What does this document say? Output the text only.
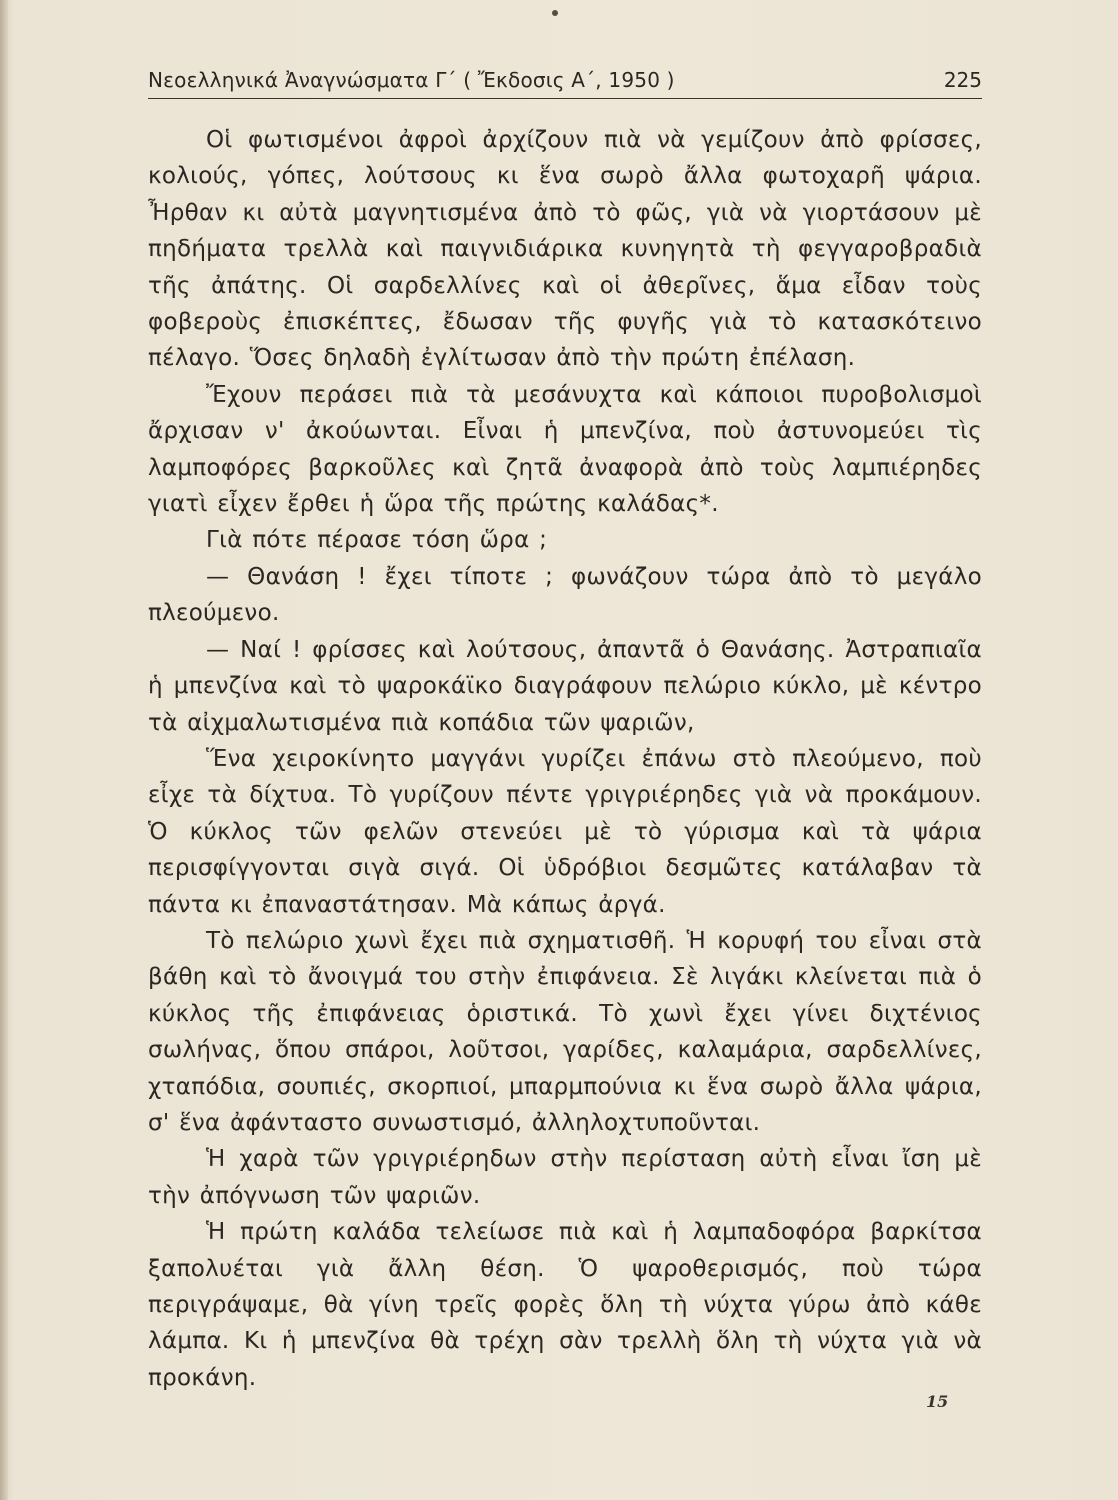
Νεοελληνικά Ἀναγνώσματα Γ΄ ( Ἔκδοσις Α΄, 1950 )	225

Οἱ φωτισμένοι ἀφροὶ ἀρχίζουν πιὰ νὰ γεμίζουν ἀπὸ φρίσσες, κολιούς, γόπες, λούτσους κι ἕνα σωρὸ ἄλλα φωτοχαρῆ ψάρια. Ἦρθαν κι αὐτὰ μαγνητισμένα ἀπὸ τὸ φῶς, γιὰ νὰ γιορτάσουν μὲ πηδήματα τρελλὰ καὶ παιγνιδιάρικα κυνηγητὰ τὴ φεγγαροβραδιὰ τῆς ἀπάτης. Οἱ σαρδελλίνες καὶ οἱ ἀθερῖνες, ἅμα εἶδαν τοὺς φοβεροὺς ἐπισκέπτες, ἔδωσαν τῆς φυγῆς γιὰ τὸ κατασκότεινο πέλαγο. Ὅσες δηλαδὴ ἐγλίτωσαν ἀπὸ τὴν πρώτη ἐπέλαση.

Ἔχουν περάσει πιὰ τὰ μεσάνυχτα καὶ κάποιοι πυροβολισμοὶ ἄρχισαν ν' ἀκούωνται. Εἶναι ἡ μπενζίνα, ποὺ ἀστυνομεύει τὶς λαμποφόρες βαρκοῦλες καὶ ζητᾶ ἀναφορὰ ἀπὸ τοὺς λαμπιέρηδες γιατὶ εἶχεν ἔρθει ἡ ὥρα τῆς πρώτης καλάδας*.

Γιὰ πότε πέρασε τόση ὥρα ;

— Θανάση ! ἔχει τίποτε ; φωνάζουν τώρα ἀπὸ τὸ μεγάλο πλεούμενο.

— Ναί ! φρίσσες καὶ λούτσους, ἀπαντᾶ ὁ Θανάσης. Ἀστραπιαῖα ἡ μπενζίνα καὶ τὸ ψαροκάϊκο διαγράφουν πελώριο κύκλο, μὲ κέντρο τὰ αἰχμαλωτισμένα πιὰ κοπάδια τῶν ψαριῶν,

Ἕνα χειροκίνητο μαγγάνι γυρίζει ἐπάνω στὸ πλεούμενο, ποὺ εἶχε τὰ δίχτυα. Τὸ γυρίζουν πέντε γριγριέρηδες γιὰ νὰ προκάμουν. Ὁ κύκλος τῶν φελῶν στενεύει μὲ τὸ γύρισμα καὶ τὰ ψάρια περισφίγγονται σιγὰ σιγά. Οἱ ὑδρόβιοι δεσμῶτες κατάλαβαν τὰ πάντα κι ἐπαναστάτησαν. Μὰ κάπως ἀργά.

Τὸ πελώριο χωνὶ ἔχει πιὰ σχηματισθῆ. Ἡ κορυφή του εἶναι στὰ βάθη καὶ τὸ ἄνοιγμά του στὴν ἐπιφάνεια. Σὲ λιγάκι κλείνεται πιὰ ὁ κύκλος τῆς ἐπιφάνειας ὁριστικά. Τὸ χωνὶ ἔχει γίνει διχτένιος σωλήνας, ὅπου σπάροι, λοῦτσοι, γαρίδες, καλαμάρια, σαρδελλίνες, χταπόδια, σουπιές, σκορπιοί, μπαρμπούνια κι ἕνα σωρὸ ἄλλα ψάρια, σ' ἕνα ἀφάνταστο συνωστισμό, ἀλληλοχτυποῦνται.

Ἡ χαρὰ τῶν γριγριέρηδων στὴν περίσταση αὐτὴ εἶναι ἴση μὲ τὴν ἀπόγνωση τῶν ψαριῶν.

Ἡ πρώτη καλάδα τελείωσε πιὰ καὶ ἡ λαμπαδοφόρα βαρκίτσα ξαπολυέται γιὰ ἄλλη θέση. Ὁ ψαροθερισμός, ποὺ τώρα περιγράψαμε, θὰ γίνη τρεῖς φορὲς ὅλη τὴ νύχτα γύρω ἀπὸ κάθε λάμπα. Κι ἡ μπενζίνα θὰ τρέχη σὰν τρελλὴ ὅλη τὴ νύχτα γιὰ νὰ προκάνη.

15
